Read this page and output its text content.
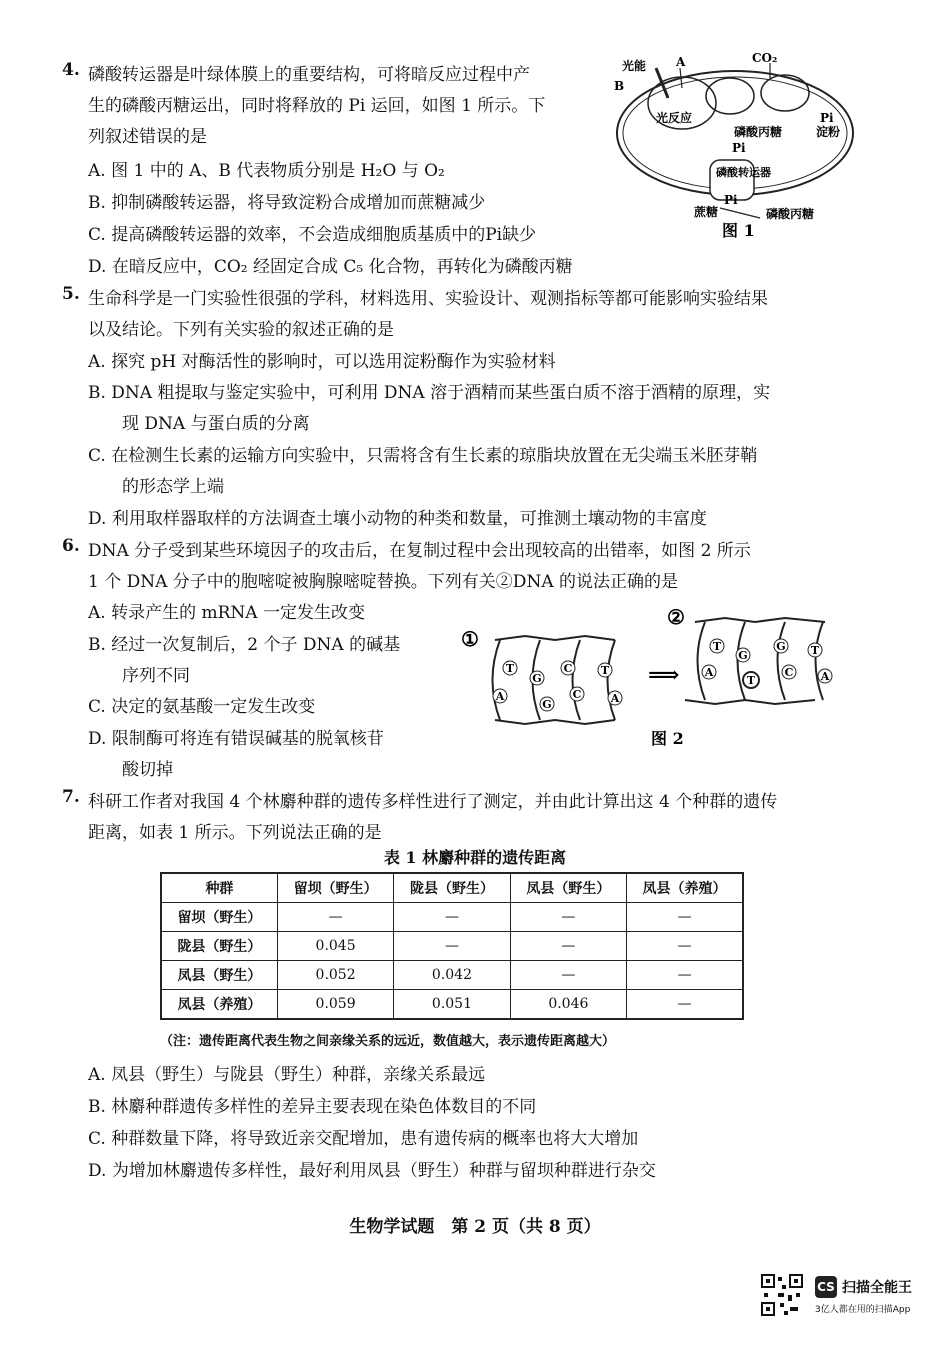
4. 磷酸转运器是叶绿体膜上的重要结构，可将暗反应过程中产
生的磷酸丙糖运出，同时将释放的 Pi 运回，如图 1 所示。下
列叙述错误的是
A. 图 1 中的 A、B 代表物质分别是 H₂O 与 O₂
B. 抑制磷酸转运器，将导致淀粉合成增加而蔗糖减少
C. 提高磷酸转运器的效率，不会造成细胞质基质中的Pi缺少
D. 在暗反应中，CO₂ 经固定合成 C₅ 化合物，再转化为磷酸丙糖
光能 A
B
CO₂
光反应
磷酸丙糖
Pi
淀粉
Pi
磷酸转运器
蔗糖
Pi
磷酸丙糖
图 1
5. 生命科学是一门实验性很强的学科，材料选用、实验设计、观测指标等都可能影响实验结果
以及结论。下列有关实验的叙述正确的是
A. 探究 pH 对酶活性的影响时，可以选用淀粉酶作为实验材料
B. DNA 粗提取与鉴定实验中，可利用 DNA 溶于酒精而某些蛋白质不溶于酒精的原理，实
现 DNA 与蛋白质的分离
C. 在检测生长素的运输方向实验中，只需将含有生长素的琼脂块放置在无尖端玉米胚芽鞘
的形态学上端
D. 利用取样器取样的方法调查土壤小动物的种类和数量，可推测土壤动物的丰富度
6. DNA 分子受到某些环境因子的攻击后，在复制过程中会出现较高的出错率，如图 2 所示
1 个 DNA 分子中的胞嘧啶被胸腺嘧啶替换。下列有关②DNA 的说法正确的是
A. 转录产生的 mRNA 一定发生改变
B. 经过一次复制后，2 个子 DNA 的碱基
序列不同
C. 决定的氨基酸一定发生改变
D. 限制酶可将连有错误碱基的脱氧核苷
酸切掉
①
T
G
C	T
A
G
C	A
⟹
②
T
G
G T
A
T
C A
图 2
7. 科研工作者对我国 4 个林麝种群的遗传多样性进行了测定，并由此计算出这 4 个种群的遗传
距离，如表 1 所示。下列说法正确的是
表 1 林麝种群的遗传距离
种群	留坝（野生）	陇县（野生）	凤县（野生）	凤县（养殖）
留坝（野生）	—	—	—	—
陇县（野生）	0.045	—	—	—
凤县（野生）	0.052	0.042	—	—
凤县（养殖）	0.059	0.051	0.046	—
（注：遗传距离代表生物之间亲缘关系的远近，数值越大，表示遗传距离越大）
A. 凤县（野生）与陇县（野生）种群，亲缘关系最远
B. 林麝种群遗传多样性的差异主要表现在染色体数目的不同
C. 种群数量下降，将导致近亲交配增加，患有遗传病的概率也将大大增加
D. 为增加林麝遗传多样性，最好利用凤县（野生）种群与留坝种群进行杂交
生物学试题　第 2 页（共 8 页）
CS 扫描全能王
3亿人都在用的扫描App
